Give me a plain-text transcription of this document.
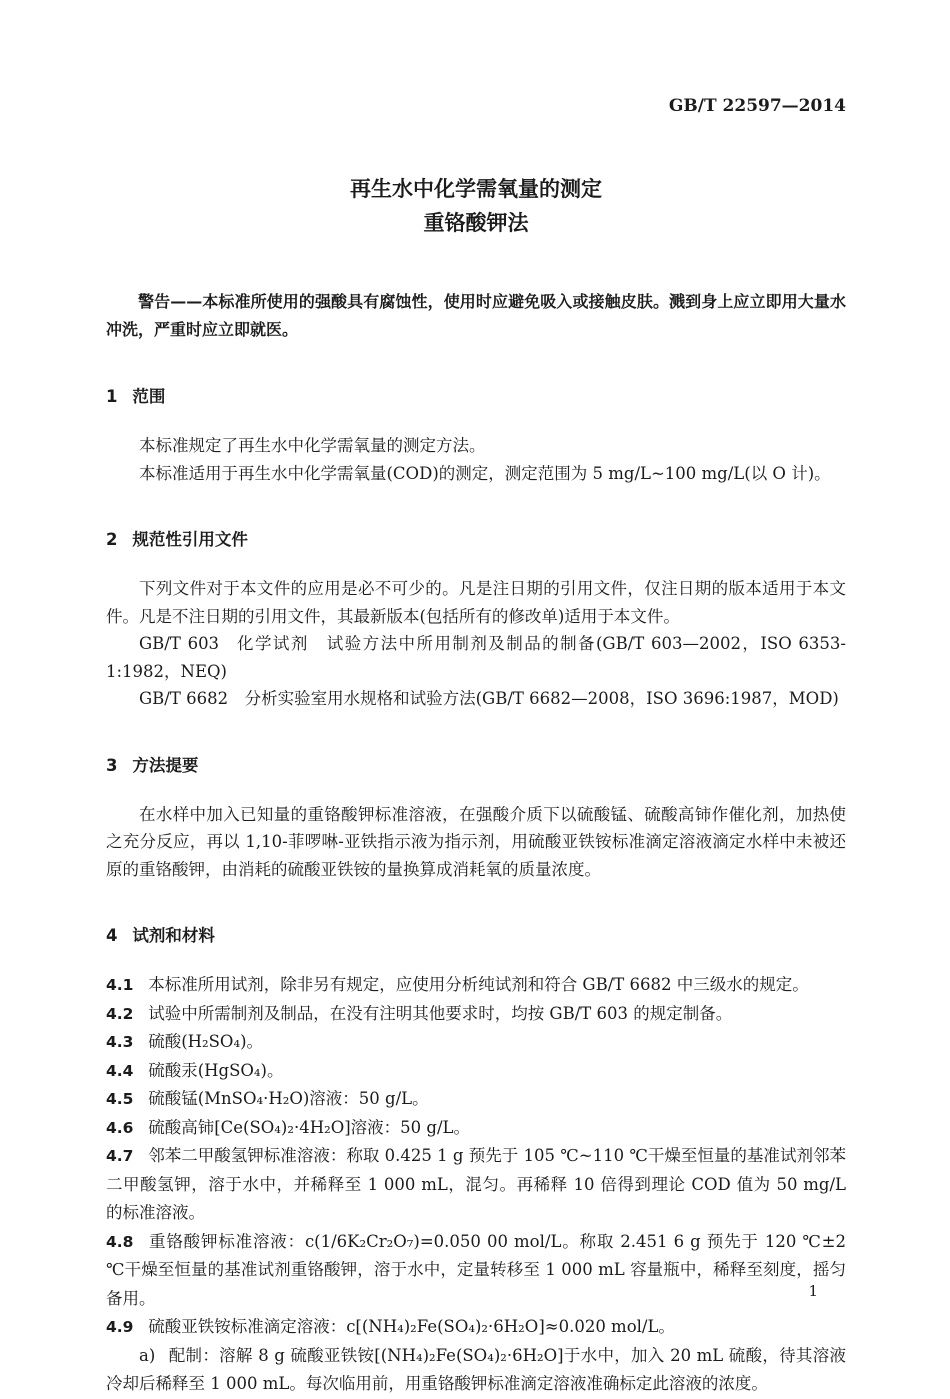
GB/T 22597—2014
再生水中化学需氧量的测定
重铬酸钾法

警告——本标准所使用的强酸具有腐蚀性，使用时应避免吸入或接触皮肤。溅到身上应立即用大量水冲洗，严重时应立即就医。

1 范围

本标准规定了再生水中化学需氧量的测定方法。

本标准适用于再生水中化学需氧量(COD)的测定，测定范围为 5 mg/L~100 mg/L(以 O 计)。

2 规范性引用文件

下列文件对于本文件的应用是必不可少的。凡是注日期的引用文件，仅注日期的版本适用于本文件。凡是不注日期的引用文件，其最新版本(包括所有的修改单)适用于本文件。

GB/T 603 化学试剂 试验方法中所用制剂及制品的制备(GB/T 603—2002，ISO 6353-1:1982，NEQ)

GB/T 6682 分析实验室用水规格和试验方法(GB/T 6682—2008，ISO 3696:1987，MOD)

3 方法提要

在水样中加入已知量的重铬酸钾标准溶液，在强酸介质下以硫酸锰、硫酸高铈作催化剂，加热使之充分反应，再以 1,10-菲啰啉-亚铁指示液为指示剂，用硫酸亚铁铵标准滴定溶液滴定水样中未被还原的重铬酸钾，由消耗的硫酸亚铁铵的量换算成消耗氧的质量浓度。

4 试剂和材料

4.1 本标准所用试剂，除非另有规定，应使用分析纯试剂和符合 GB/T 6682 中三级水的规定。

4.2 试验中所需制剂及制品，在没有注明其他要求时，均按 GB/T 603 的规定制备。

4.3 硫酸(H₂SO₄)。

4.4 硫酸汞(HgSO₄)。

4.5 硫酸锰(MnSO₄·H₂O)溶液：50 g/L。

4.6 硫酸高铈[Ce(SO₄)₂·4H₂O]溶液：50 g/L。

4.7 邻苯二甲酸氢钾标准溶液：称取 0.425 1 g 预先于 105 ℃~110 ℃干燥至恒量的基准试剂邻苯二甲酸氢钾，溶于水中，并稀释至 1 000 mL，混匀。再稀释 10 倍得到理论 COD 值为 50 mg/L 的标准溶液。

4.8 重铬酸钾标准溶液：c(1/6K₂Cr₂O₇)=0.050 00 mol/L。称取 2.451 6 g 预先于 120 ℃±2 ℃干燥至恒量的基准试剂重铬酸钾，溶于水中，定量转移至 1 000 mL 容量瓶中，稀释至刻度，摇匀备用。

4.9 硫酸亚铁铵标准滴定溶液：c[(NH₄)₂Fe(SO₄)₂·6H₂O]≈0.020 mol/L。

a) 配制：溶解 8 g 硫酸亚铁铵[(NH₄)₂Fe(SO₄)₂·6H₂O]于水中，加入 20 mL 硫酸，待其溶液冷却后稀释至 1 000 mL。每次临用前，用重铬酸钾标准滴定溶液准确标定此溶液的浓度。

1
